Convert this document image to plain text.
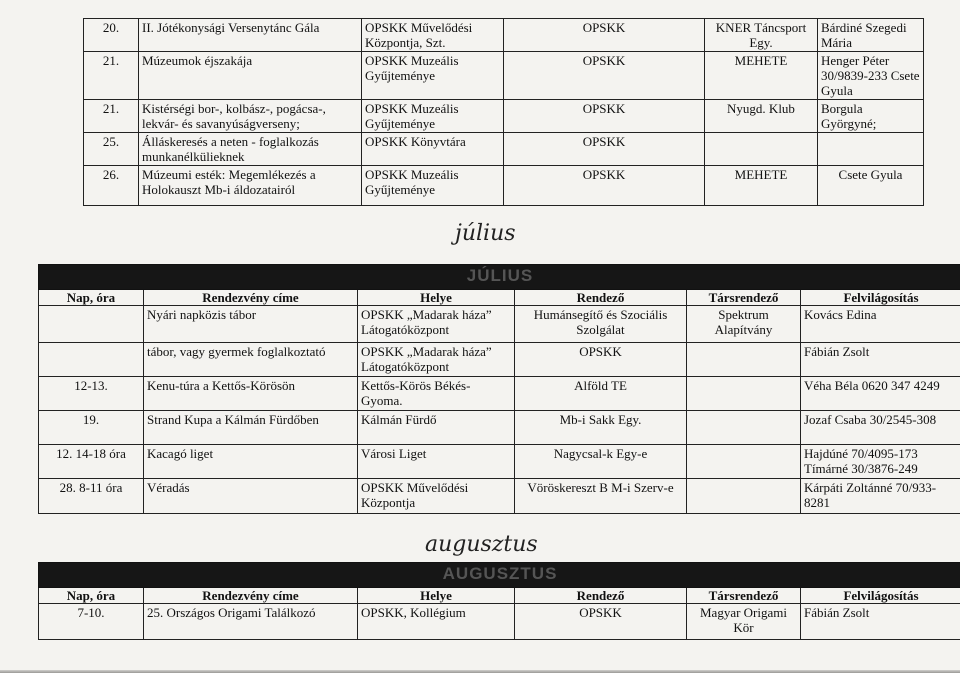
20.	II. Jótékonysági Versenytánc Gála	OPSKK Művelődési Központja, Szt.	OPSKK	KNER Táncsport Egy.	Bárdiné Szegedi Mária
21.	Múzeumok éjszakája	OPSKK Muzeális Gyűjteménye	OPSKK	MEHETE	Henger Péter 30/9839-233 Csete Gyula
21.	Kistérségi bor-, kolbász-, pogácsa-, lekvár- és savanyúságverseny;	OPSKK Muzeális Gyűjteménye	OPSKK	Nyugd. Klub	Borgula Györgyné;
25.	Álláskeresés a neten - foglalkozás munkanélkülieknek	OPSKK Könyvtára	OPSKK		
26.	Múzeumi esték: Megemlékezés a Holokauszt Mb-i áldozatairól	OPSKK Muzeális Gyűjteménye	OPSKK	MEHETE	Csete Gyula
július
JÚLIUS					

Nap, óra	Rendezvény címe	Helye	Rendező	Társrendező	Felvilágosítás
	Nyári napközis tábor	OPSKK „Madarak háza” Látogatóközpont	Humánsegítő és Szociális Szolgálat	Spektrum Alapítvány	Kovács Edina
	tábor, vagy gyermek foglalkoztató	OPSKK „Madarak háza” Látogatóközpont	OPSKK		Fábián Zsolt
12-13.	Kenu-túra a Kettős-Körösön	Kettős-Körös Békés-Gyoma.	Alföld TE		Véha Béla 0620 347 4249
19.	Strand Kupa a Kálmán Fürdőben	Kálmán Fürdő	Mb-i Sakk Egy.		Jozaf Csaba 30/2545-308
12. 14-18 óra	Kacagó liget	Városi Liget	Nagycsal-k Egy-e		Hajdúné 70/4095-173 Tímárné 30/3876-249
28. 8-11 óra	Véradás	OPSKK Művelődési Központja	Vöröskereszt B M-i Szerv-e		Kárpáti Zoltánné 70/933-8281
augusztus
AUGUSZTUS					

Nap, óra	Rendezvény címe	Helye	Rendező	Társrendező	Felvilágosítás
7-10.	25. Országos Origami Találkozó	OPSKK, Kollégium	OPSKK	Magyar Origami Kör	Fábián Zsolt
